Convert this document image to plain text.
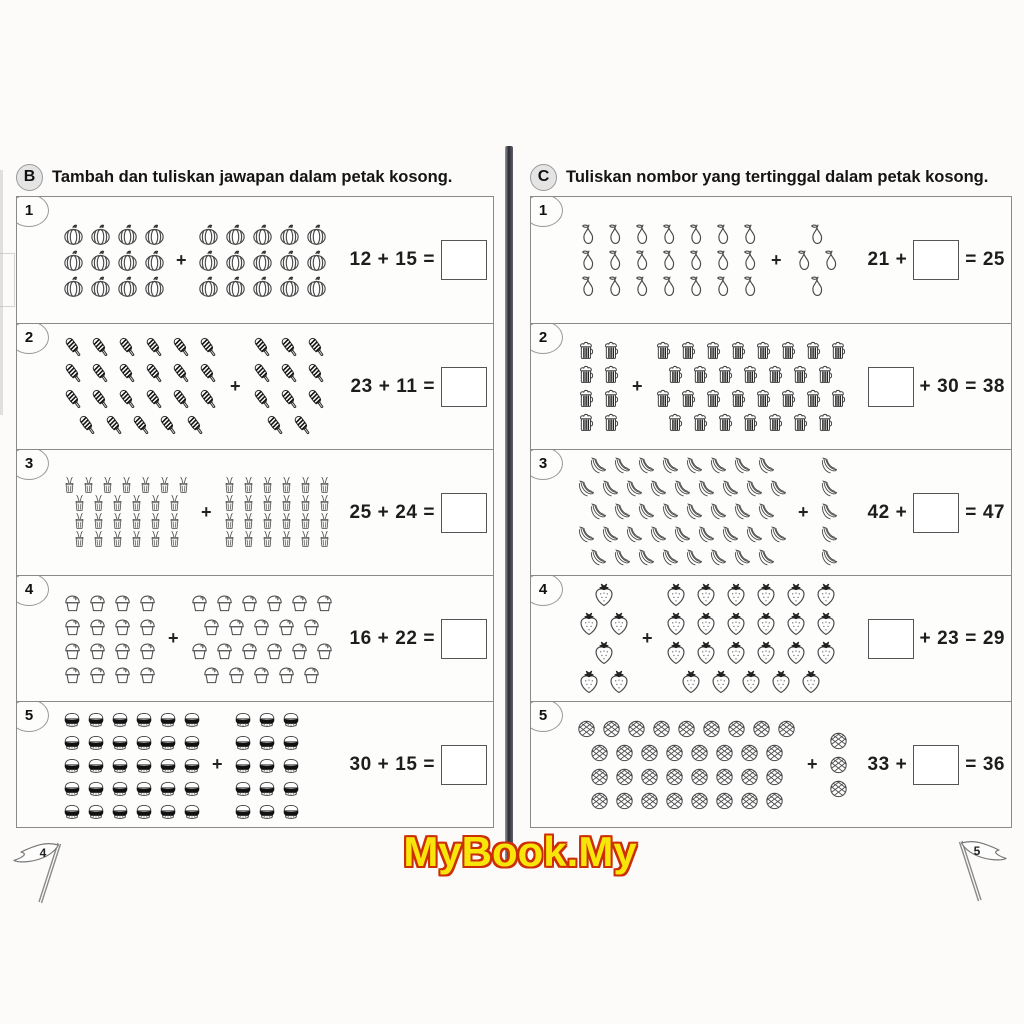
B	Tambah dan tuliskan jawapan dalam petak kosong.
1
+	12 + 15 =
2
+	23 + 11 =
3
+	25 + 24 =
4
+	16 + 22 =
5
+	30 + 15 =
C	Tuliskan nombor yang tertinggal dalam petak kosong.
1
+	21 +	= 25
2
+	+ 30 = 38
3
+	42 +	= 47
4
+	+ 23 = 29
5
+	33 +	= 36
MyBook.My
4	5
